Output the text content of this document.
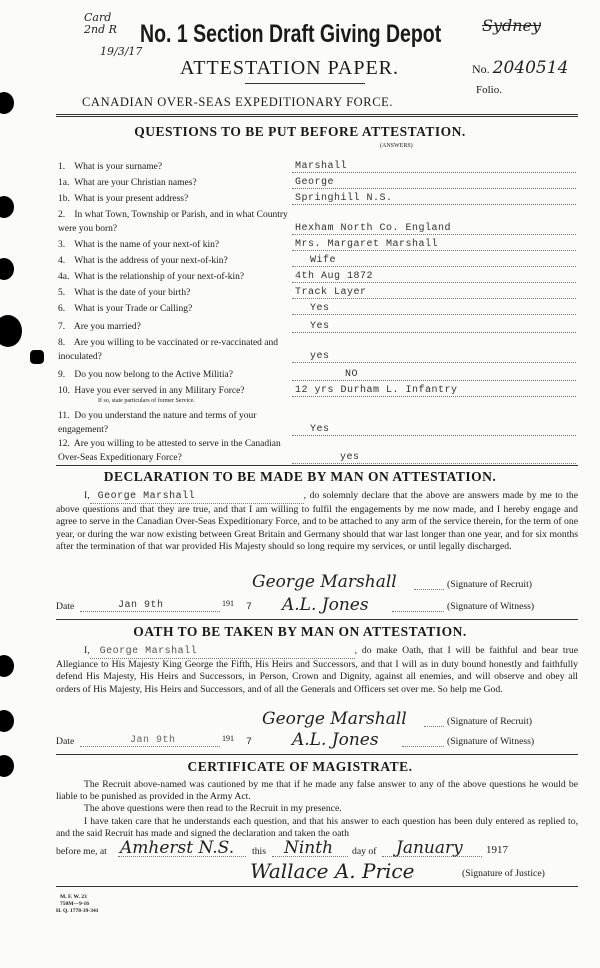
Card 2nd R
19/3/17
No. 1 Section Draft Giving Depot	Sydney
ATTESTATION PAPER.	No. 2040514
Folio.
CANADIAN OVER-SEAS EXPEDITIONARY FORCE.
QUESTIONS TO BE PUT BEFORE ATTESTATION.
(ANSWERS)
1. What is your surname?	Marshall
1a. What are your Christian names?	George
1b. What is your present address?	Springhill N.S.
2. In what Town, Township or Parish, and in what Country were you born?	Hexham North Co. England
3. What is the name of your next-of kin?	Mrs. Margaret Marshall
4. What is the address of your next-of-kin?	Wife
4a. What is the relationship of your next-of-kin?	4th Aug 1872
5. What is the date of your birth?	Track Layer
6. What is your Trade or Calling?	Yes
7. Are you married?	Yes
8. Are you willing to be vaccinated or re-vaccinated and inoculated?	yes
9. Do you now belong to the Active Militia?	NO
10. Have you ever served in any Military Force?
If so, state particulars of former Service.
12 yrs Durham L. Infantry
11. Do you understand the nature and terms of your engagement?	Yes
12. Are you willing to be attested to serve in the Canadian Over-Seas Expeditionary Force?	yes
DECLARATION TO BE MADE BY MAN ON ATTESTATION.
I, George Marshall	, do solemnly declare that the above are answers made by me to the above questions and that they are true, and that I am willing to fulfil the engagements by me now made, and I hereby engage and agree to serve in the Canadian Over-Seas Expeditionary Force, and to be attached to any arm of the service therein, for the term of one year, or during the war now existing between Great Britain and Germany should that war last longer than one year, and for six months after the termination of that war provided His Majesty should so long require my services, or until legally discharged.
George Marshall	(Signature of Recruit)
Date	Jan 9th	191 7 A.L. Jones	(Signature of Witness)
OATH TO BE TAKEN BY MAN ON ATTESTATION.
I, George Marshall	, do make Oath, that I will be faithful and bear true Allegiance to His Majesty King George the Fifth, His Heirs and Successors, and that I will as in duty bound honestly and faithfully defend His Majesty, His Heirs and Successors, in Person, Crown and Dignity, against all enemies, and will observe and obey all orders of His Majesty, His Heirs and Successors, and of all the Generals and Officers set over me. So help me God.
George Marshall	(Signature of Recruit)
Date	Jan 9th	191 7 A.L. Jones	(Signature of Witness)
CERTIFICATE OF MAGISTRATE.
The Recruit above-named was cautioned by me that if he made any false answer to any of the above questions he would be liable to be punished as provided in the Army Act.
The above questions were then read to the Recruit in my presence.
I have taken care that he understands each question, and that his answer to each question has been duly entered as replied to, and the said Recruit has made and signed the declaration and taken the oath
before me, at Amherst N.S. this Ninth day of January 1917
Wallace A. Price	(Signature of Justice)
M. F. W. 23
750M—9-16
H. Q. 1778-39-341
